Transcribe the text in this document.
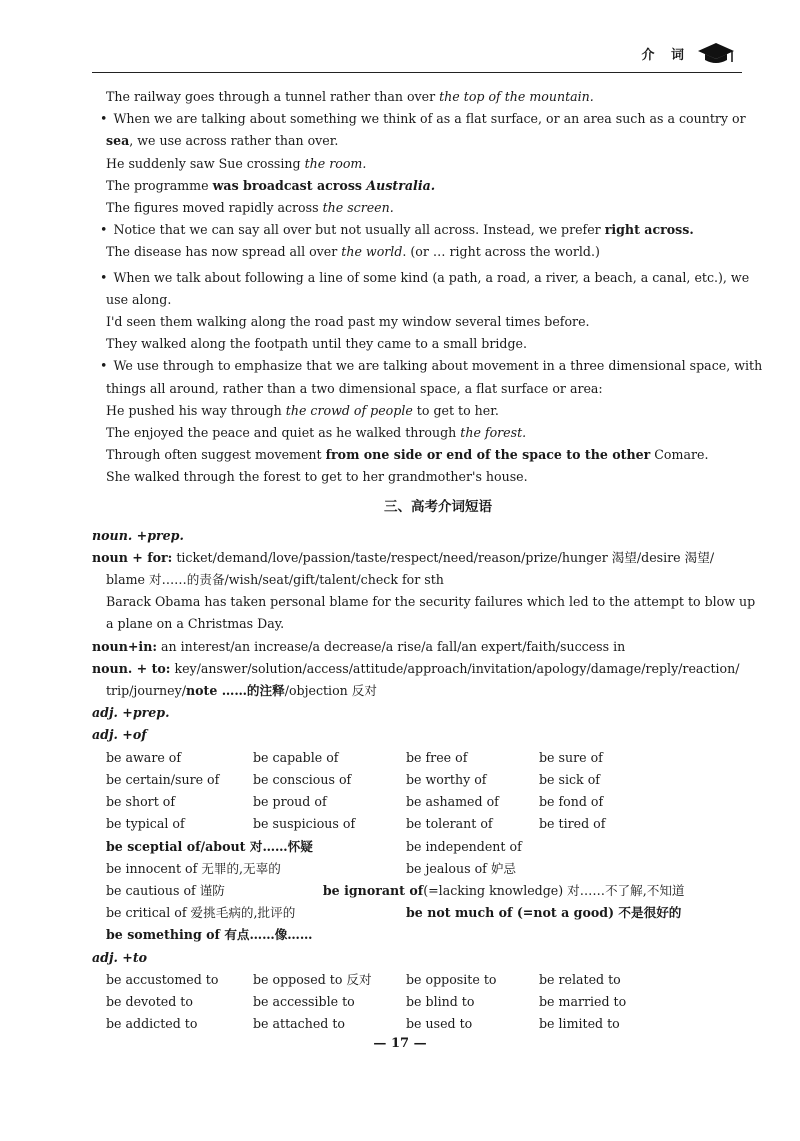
介 词
The railway goes through a tunnel rather than over the top of the mountain.
• When we are talking about something we think of as a flat surface, or an area such as a country or
sea, we use across rather than over.
He suddenly saw Sue crossing the room.
The programme was broadcast across Australia.
The figures moved rapidly across the screen.
• Notice that we can say all over but not usually all across. Instead, we prefer right across.
The disease has now spread all over the world. (or … right across the world.)
• When we talk about following a line of some kind (a path, a road, a river, a beach, a canal, etc.), we
use along.
I'd seen them walking along the road past my window several times before.
They walked along the footpath until they came to a small bridge.
• We use through to emphasize that we are talking about movement in a three dimensional space, with
things all around, rather than a two dimensional space, a flat surface or area:
He pushed his way through the crowd of people to get to her.
The enjoyed the peace and quiet as he walked through the forest.
Through often suggest movement from one side or end of the space to the other Comare.
She walked through the forest to get to her grandmother's house.
三、高考介词短语
noun. +prep.
noun + for: ticket/demand/love/passion/taste/respect/need/reason/prize/hunger 渴望/desire 渴望/
blame 对……的责备/wish/seat/gift/talent/check for sth
Barack Obama has taken personal blame for the security failures which led to the attempt to blow up
a plane on a Christmas Day.
noun+in: an interest/an increase/a decrease/a rise/a fall/an expert/faith/success in
noun. + to: key/answer/solution/access/attitude/approach/invitation/apology/damage/reply/reaction/
trip/journey/note ……的注释/objection 反对
adj. +prep.
adj. +of
be aware of	be capable of	be free of	be sure of
be certain/sure of	be conscious of	be worthy of	be sick of
be short of	be proud of	be ashamed of	be fond of
be typical of	be suspicious of	be tolerant of	be tired of
be sceptial of/about 对……怀疑		be independent of	
be innocent of 无罪的,无辜的		be jealous of 妒忌	
be cautious of 谨防 be ignorant of(=lacking knowledge) 对……不了解,不知道			
be critical of 爱挑毛病的,批评的		be not much of (=not a good) 不是很好的	
be something of 有点……像……			
adj. +to
be accustomed to	be opposed to 反对	be opposite to	be related to
be devoted to	be accessible to	be blind to	be married to
be addicted to	be attached to	be used to	be limited to
— 17 —
